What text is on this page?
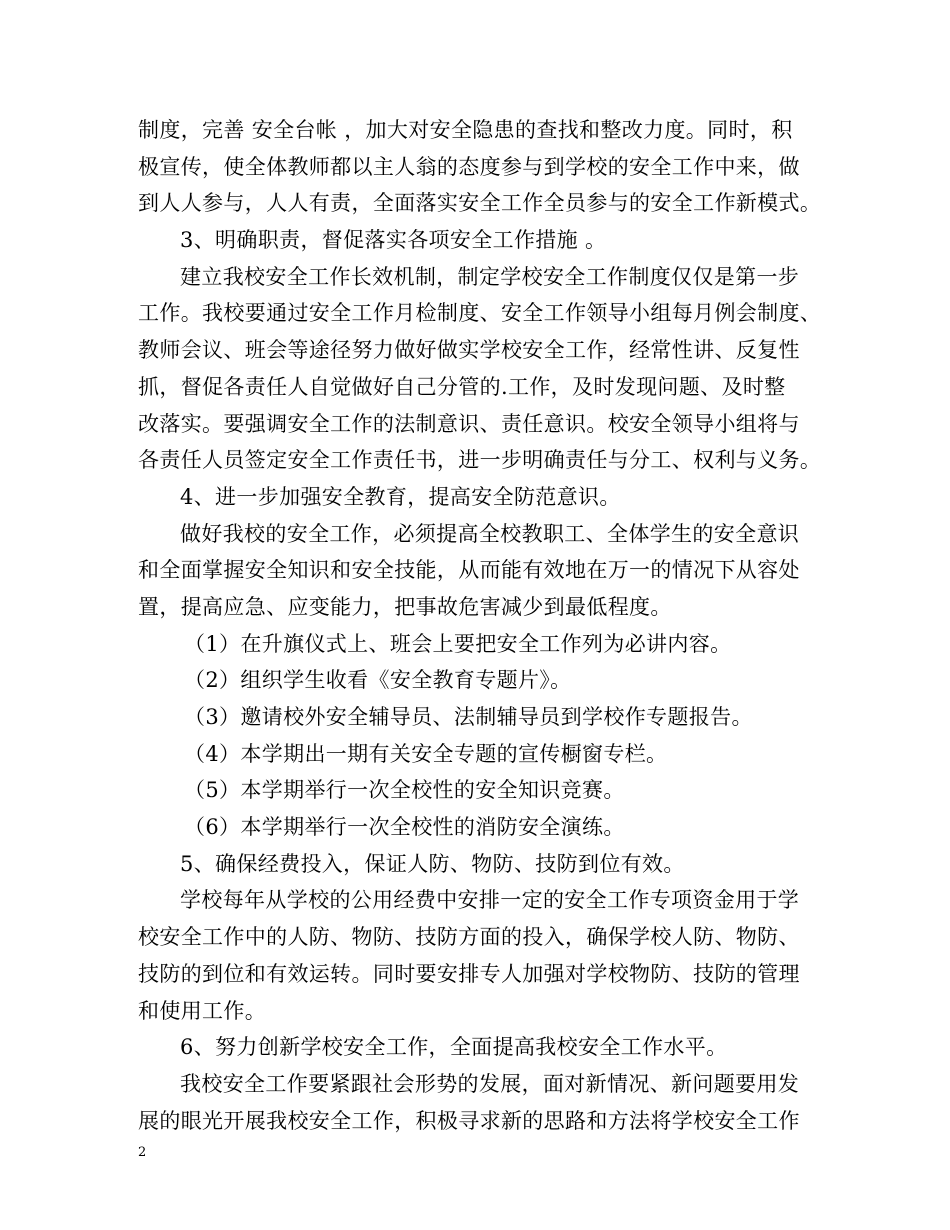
制度，完善 安全台帐 ，加大对安全隐患的查找和整改力度。同时，积
极宣传，使全体教师都以主人翁的态度参与到学校的安全工作中来，做
到人人参与，人人有责，全面落实安全工作全员参与的安全工作新模式。
3、明确职责，督促落实各项安全工作措施 。
建立我校安全工作长效机制，制定学校安全工作制度仅仅是第一步
工作。我校要通过安全工作月检制度、安全工作领导小组每月例会制度、
教师会议、班会等途径努力做好做实学校安全工作，经常性讲、反复性
抓，督促各责任人自觉做好自己分管的.工作，及时发现问题、及时整
改落实。要强调安全工作的法制意识、责任意识。校安全领导小组将与
各责任人员签定安全工作责任书，进一步明确责任与分工、权利与义务。
4、进一步加强安全教育，提高安全防范意识。
做好我校的安全工作，必须提高全校教职工、全体学生的安全意识
和全面掌握安全知识和安全技能，从而能有效地在万一的情况下从容处
置，提高应急、应变能力，把事故危害减少到最低程度。
（1）在升旗仪式上、班会上要把安全工作列为必讲内容。
（2）组织学生收看《安全教育专题片》。
（3）邀请校外安全辅导员、法制辅导员到学校作专题报告。
（4）本学期出一期有关安全专题的宣传橱窗专栏。
（5）本学期举行一次全校性的安全知识竞赛。
（6）本学期举行一次全校性的消防安全演练。
5、确保经费投入，保证人防、物防、技防到位有效。
学校每年从学校的公用经费中安排一定的安全工作专项资金用于学
校安全工作中的人防、物防、技防方面的投入，确保学校人防、物防、
技防的到位和有效运转。同时要安排专人加强对学校物防、技防的管理
和使用工作。
6、努力创新学校安全工作，全面提高我校安全工作水平。
我校安全工作要紧跟社会形势的发展，面对新情况、新问题要用发
展的眼光开展我校安全工作，积极寻求新的思路和方法将学校安全工作
2
